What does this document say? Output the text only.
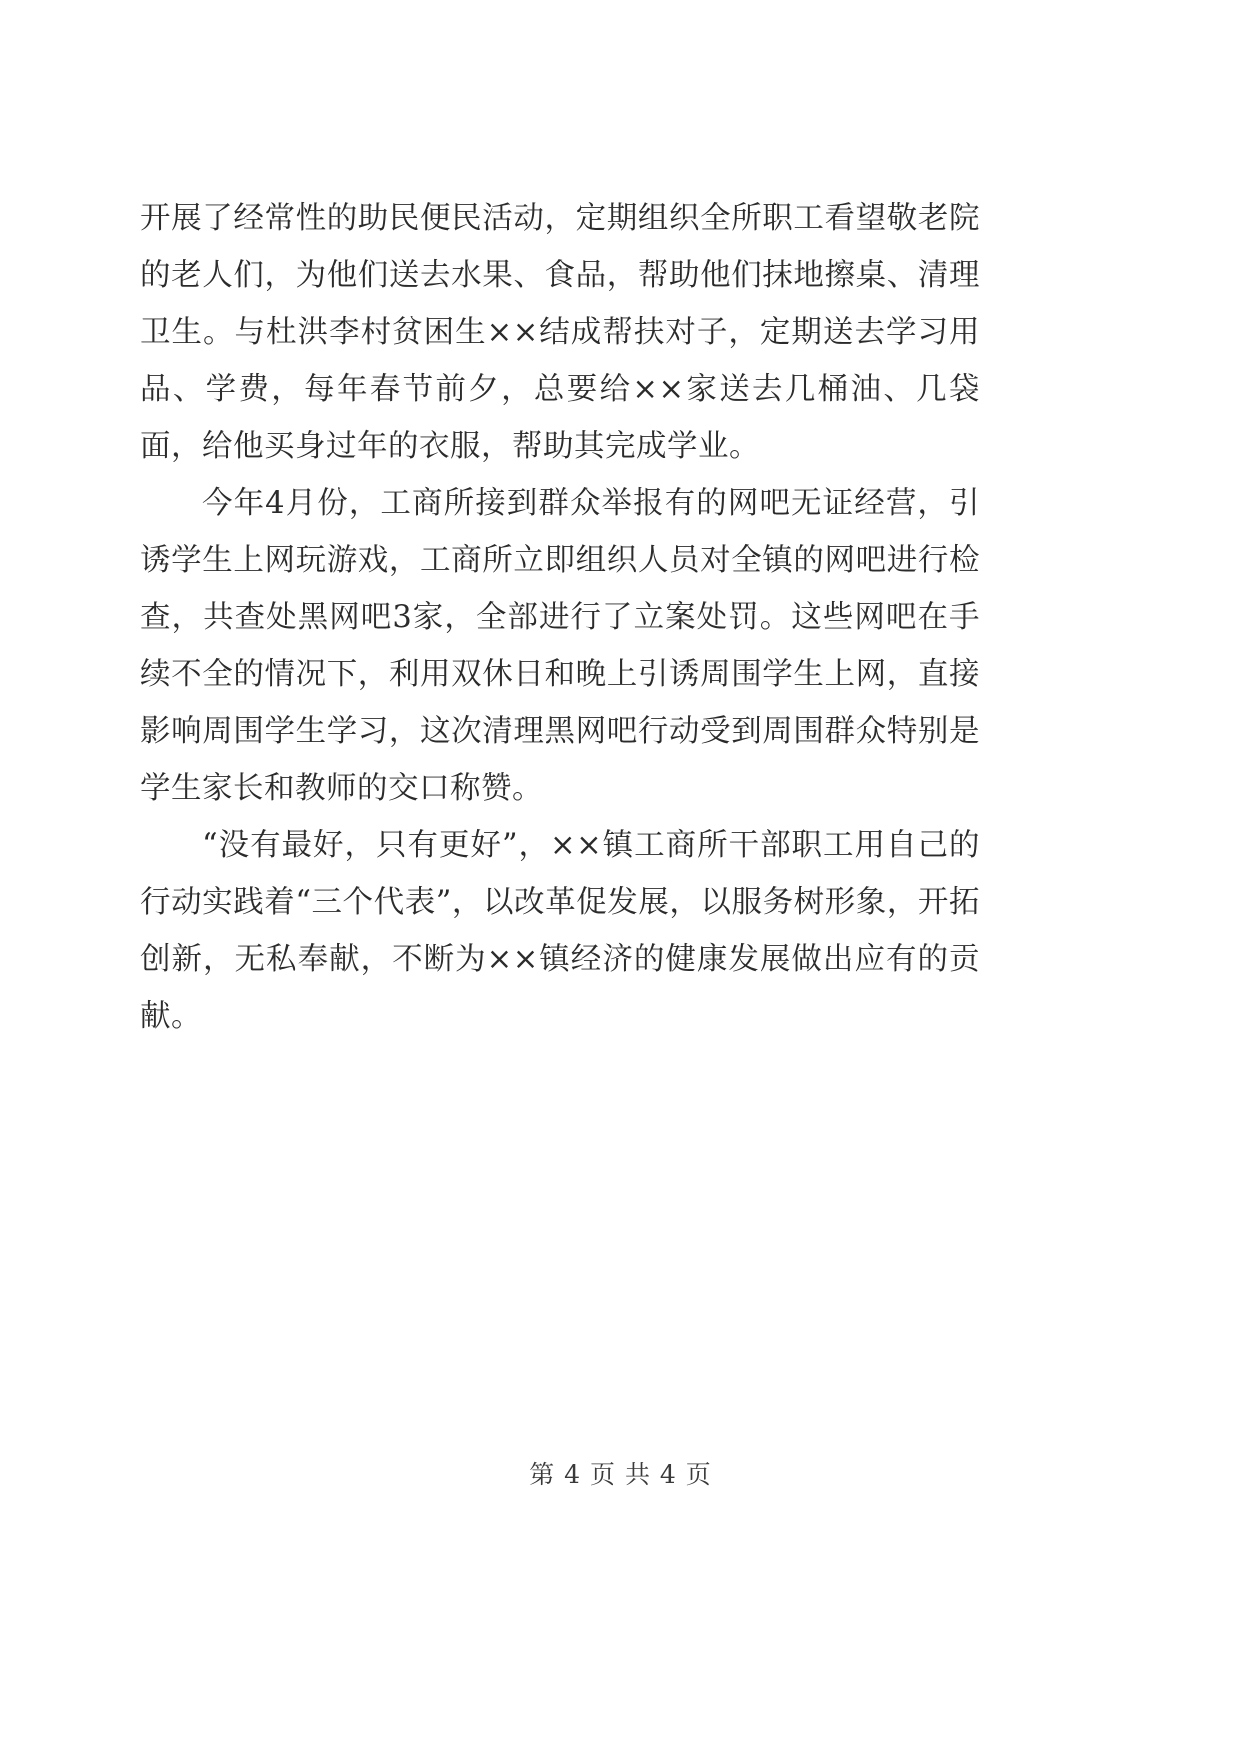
开展了经常性的助民便民活动，定期组织全所职工看望敬老院的老人们，为他们送去水果、食品，帮助他们抹地擦桌、清理卫生。与杜洪李村贫困生××结成帮扶对子，定期送去学习用品、学费，每年春节前夕，总要给××家送去几桶油、几袋面，给他买身过年的衣服，帮助其完成学业。

今年4月份，工商所接到群众举报有的网吧无证经营，引诱学生上网玩游戏，工商所立即组织人员对全镇的网吧进行检查，共查处黑网吧3家，全部进行了立案处罚。这些网吧在手续不全的情况下，利用双休日和晚上引诱周围学生上网，直接影响周围学生学习，这次清理黑网吧行动受到周围群众特别是学生家长和教师的交口称赞。

“没有最好，只有更好”，××镇工商所干部职工用自己的行动实践着“三个代表”，以改革促发展，以服务树形象，开拓创新，无私奉献，不断为××镇经济的健康发展做出应有的贡献。

第 4 页 共 4 页
